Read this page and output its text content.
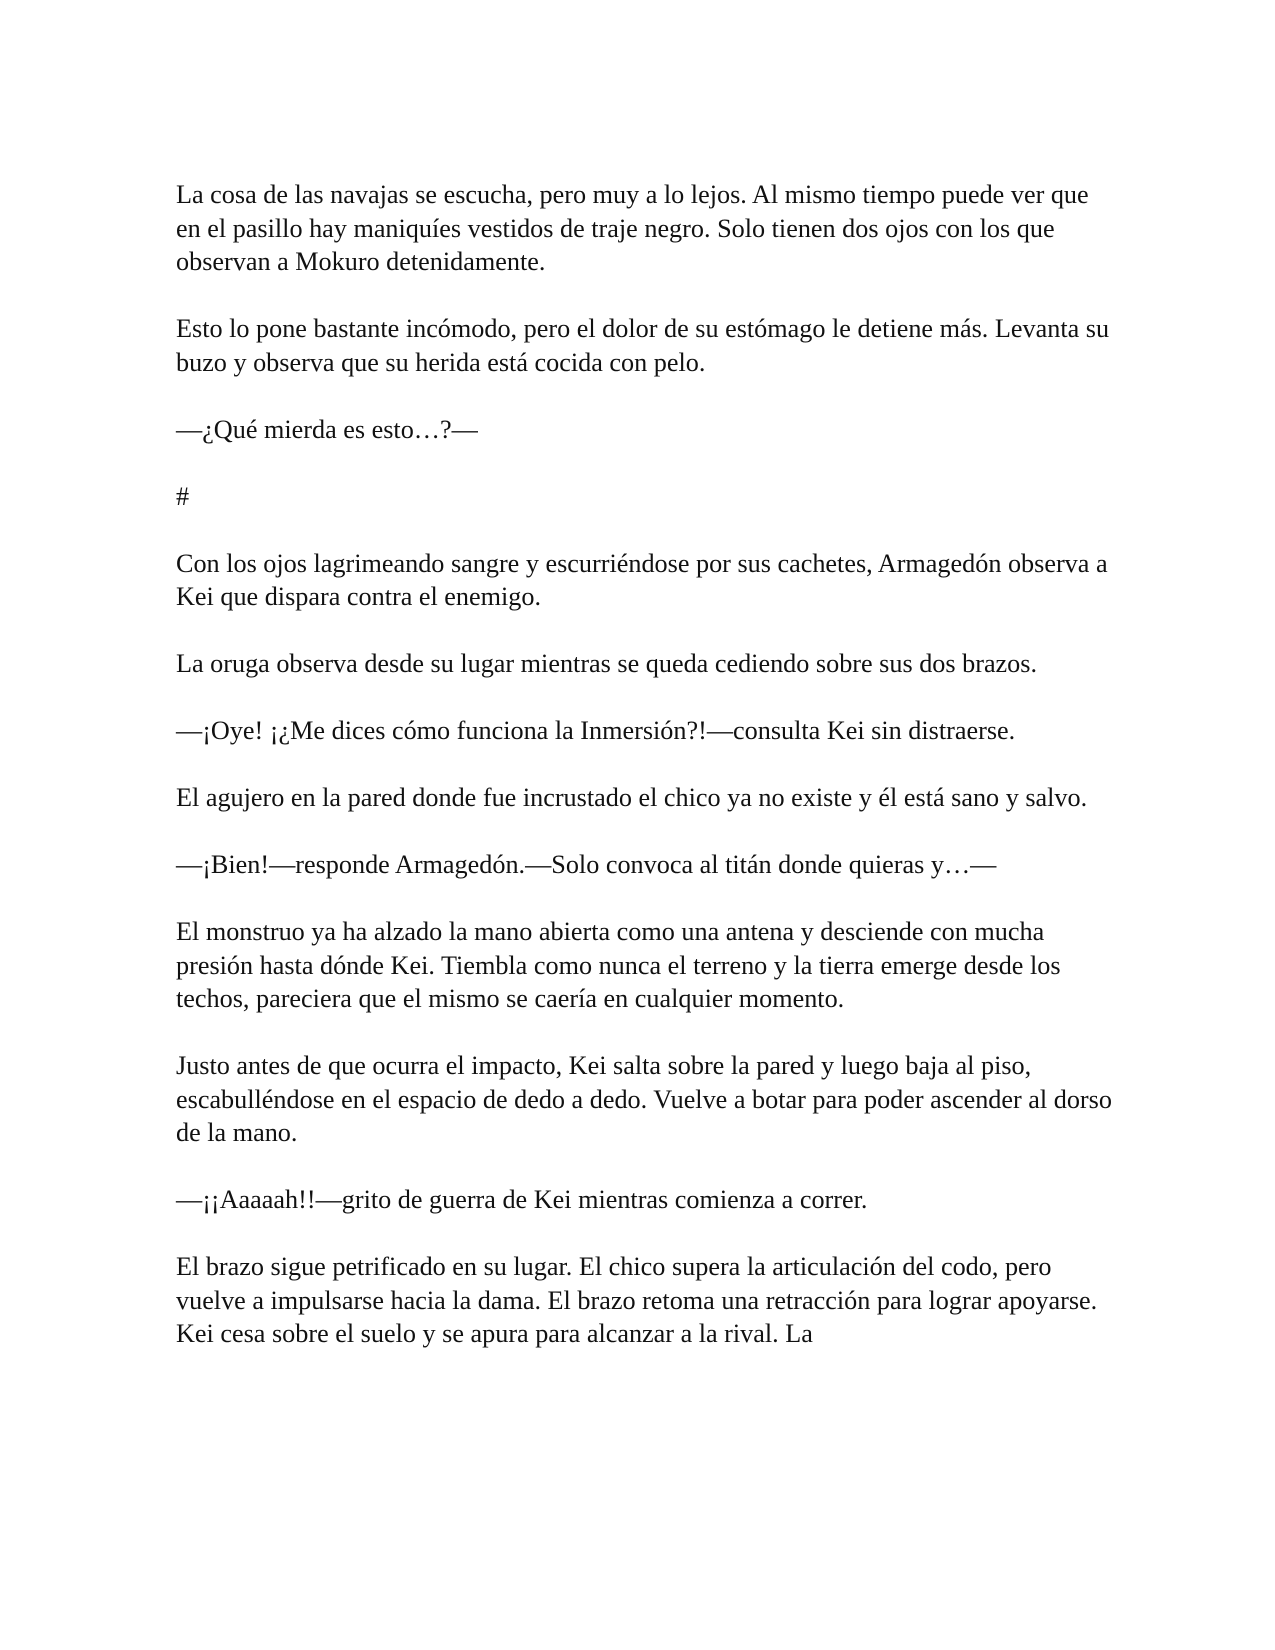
La cosa de las navajas se escucha, pero muy a lo lejos. Al mismo tiempo puede ver que en el pasillo hay maniquíes vestidos de traje negro. Solo tienen dos ojos con los que observan a Mokuro detenidamente.

Esto lo pone bastante incómodo, pero el dolor de su estómago le detiene más. Levanta su buzo y observa que su herida está cocida con pelo.

—¿Qué mierda es esto…?—

#

Con los ojos lagrimeando sangre y escurriéndose por sus cachetes, Armagedón observa a Kei que dispara contra el enemigo.

La oruga observa desde su lugar mientras se queda cediendo sobre sus dos brazos.

—¡Oye! ¡¿Me dices cómo funciona la Inmersión?!—consulta Kei sin distraerse.

El agujero en la pared donde fue incrustado el chico ya no existe y él está sano y salvo.

—¡Bien!—responde Armagedón.—Solo convoca al titán donde quieras y…—

El monstruo ya ha alzado la mano abierta como una antena y desciende con mucha presión hasta dónde Kei. Tiembla como nunca el terreno y la tierra emerge desde los techos, pareciera que el mismo se caería en cualquier momento.

Justo antes de que ocurra el impacto, Kei salta sobre la pared y luego baja al piso, escabulléndose en el espacio de dedo a dedo. Vuelve a botar para poder ascender al dorso de la mano.

—¡¡Aaaaah!!—grito de guerra de Kei mientras comienza a correr.

El brazo sigue petrificado en su lugar. El chico supera la articulación del codo, pero vuelve a impulsarse hacia la dama. El brazo retoma una retracción para lograr apoyarse. Kei cesa sobre el suelo y se apura para alcanzar a la rival. La
